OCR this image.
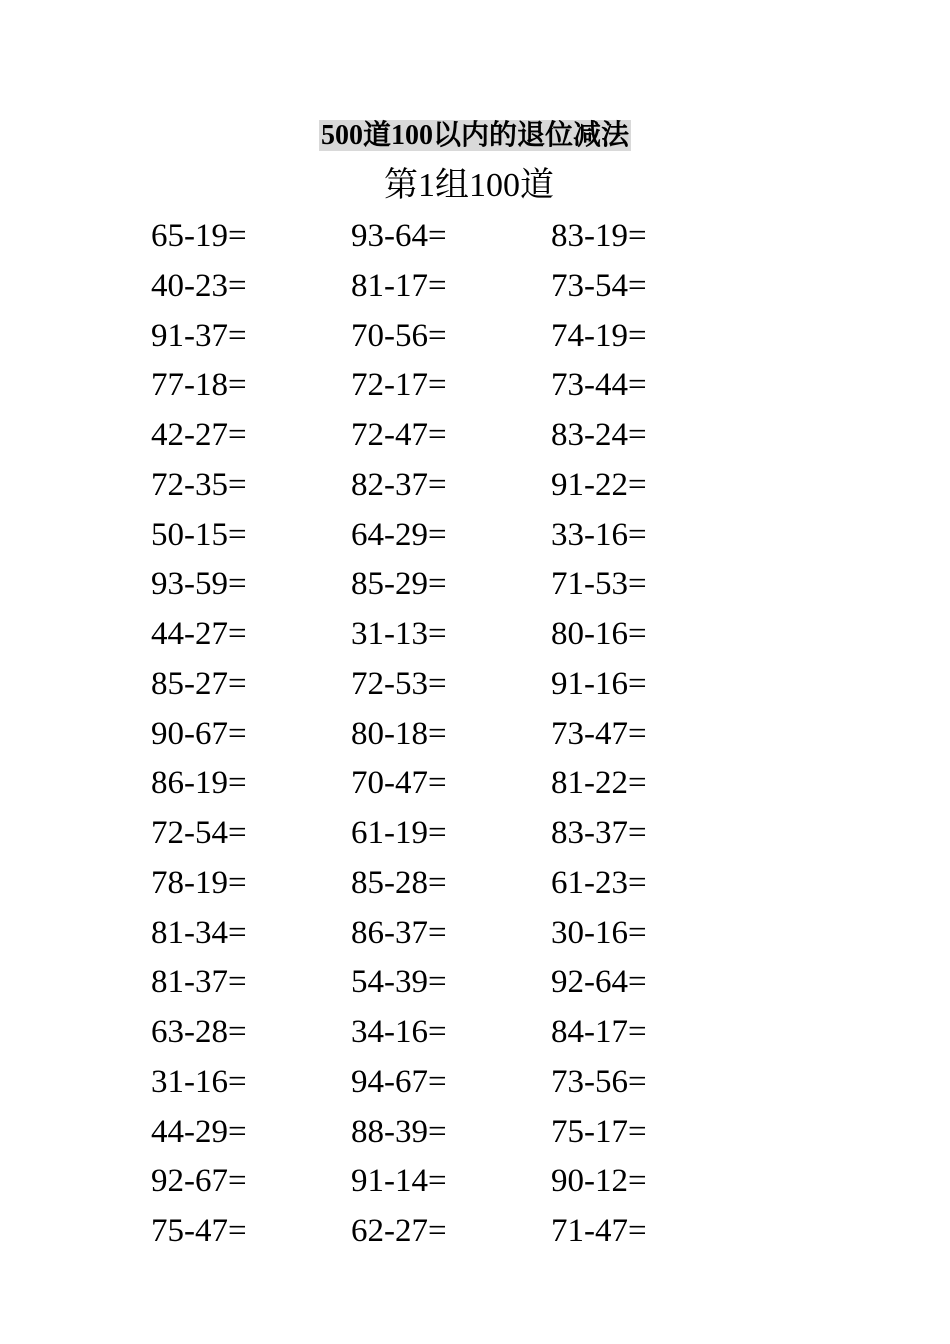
500道100以内的退位减法
第1组100道
65-19=	93-64=	83-19=
40-23=	81-17=	73-54=
91-37=	70-56=	74-19=
77-18=	72-17=	73-44=
42-27=	72-47=	83-24=
72-35=	82-37=	91-22=
50-15=	64-29=	33-16=
93-59=	85-29=	71-53=
44-27=	31-13=	80-16=
85-27=	72-53=	91-16=
90-67=	80-18=	73-47=
86-19=	70-47=	81-22=
72-54=	61-19=	83-37=
78-19=	85-28=	61-23=
81-34=	86-37=	30-16=
81-37=	54-39=	92-64=
63-28=	34-16=	84-17=
31-16=	94-67=	73-56=
44-29=	88-39=	75-17=
92-67=	91-14=	90-12=
75-47=	62-27=	71-47=
